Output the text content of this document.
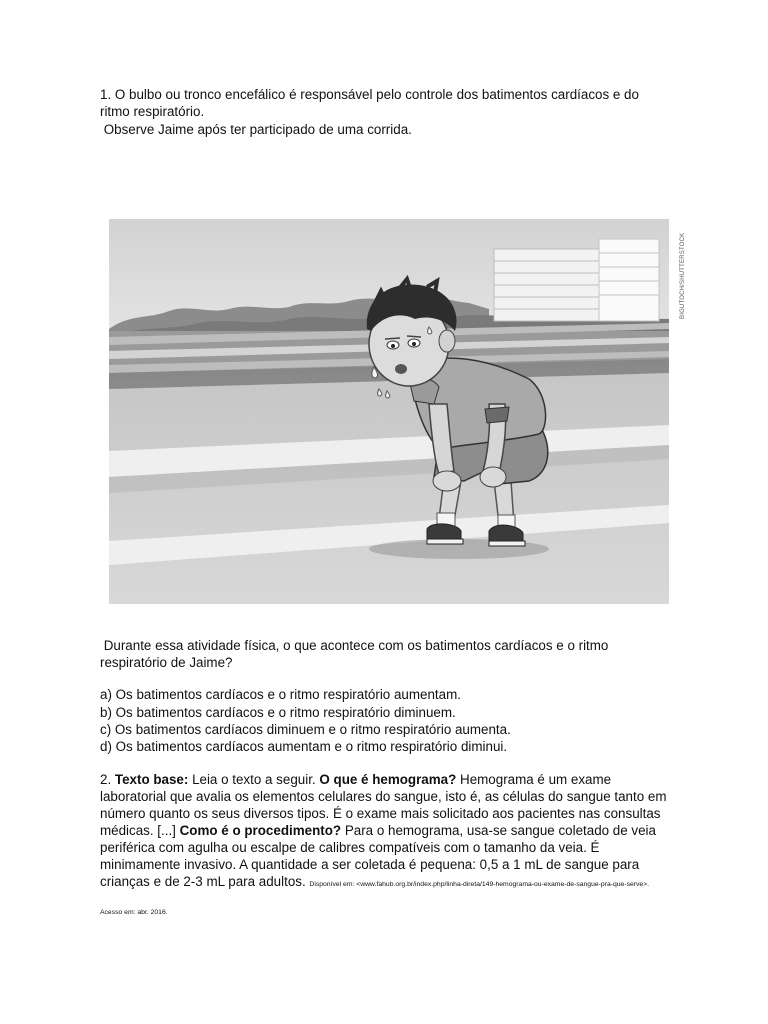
1. O bulbo ou tronco encefálico é responsável pelo controle dos batimentos cardíacos e do
ritmo respiratório.
Observe Jaime após ter participado de uma corrida.
BIGUTOCH/SHUTTERSTOCK
Durante essa atividade física, o que acontece com os batimentos cardíacos e o ritmo
respiratório de Jaime?
a) Os batimentos cardíacos e o ritmo respiratório aumentam.
b) Os batimentos cardíacos e o ritmo respiratório diminuem.
c) Os batimentos cardíacos diminuem e o ritmo respiratório aumenta.
d) Os batimentos cardíacos aumentam e o ritmo respiratório diminui.

2. Texto base: Leia o texto a seguir. O que é hemograma? Hemograma é um exame laboratorial que avalia os elementos celulares do sangue, isto é, as células do sangue tanto em número quanto os seus diversos tipos. É o exame mais solicitado aos pacientes nas consultas médicas. [...] Como é o procedimento? Para o hemograma, usa-se sangue coletado de veia periférica com agulha ou escalpe de calibres compatíveis com o tamanho da veia. É minimamente invasivo. A quantidade a ser coletada é pequena: 0,5 a 1 mL de sangue para crianças e de 2-3 mL para adultos. Disponível em: <www.fahub.org.br/index.php/linha-direta/149-hemograma-ou-exame-de-sangue-pra-que-serve>.

Acesso em: abr. 2016.
